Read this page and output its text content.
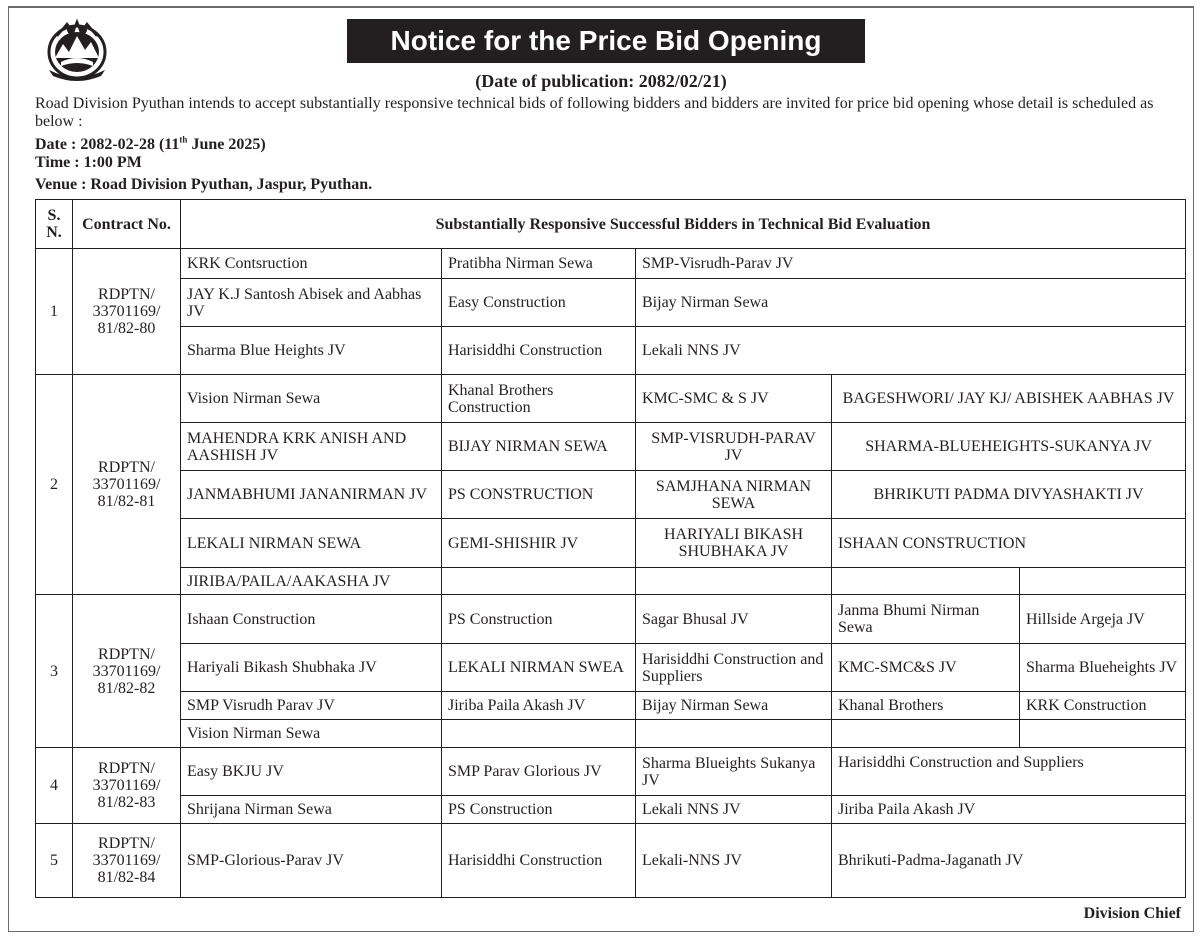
Notice for the Price Bid Opening
(Date of publication: 2082/02/21)
Road Division Pyuthan intends to accept substantially responsive technical bids of following bidders and bidders are invited for price bid opening whose detail is scheduled as below :
Date : 2082-02-28 (11th June 2025)
Time : 1:00 PM
Venue : Road Division Pyuthan, Jaspur, Pyuthan.
S. N.	Contract No.	Substantially Responsive Successful Bidders in Technical Bid Evaluation				
1	RDPTN/ 33701169/ 81/82-80	KRK Contsruction	Pratibha Nirman Sewa	SMP-Visrudh-Parav JV		
		JAY K.J Santosh Abisek and Aabhas JV	Easy Construction	Bijay Nirman Sewa		
		Sharma Blue Heights JV	Harisiddhi Construction	Lekali NNS JV		
2	RDPTN/ 33701169/ 81/82-81	Vision Nirman Sewa	Khanal Brothers Construction	KMC-SMC & S JV	BAGESHWORI/ JAY KJ/ ABISHEK AABHAS JV	
		MAHENDRA KRK ANISH AND AASHISH JV	BIJAY NIRMAN SEWA	SMP-VISRUDH-PARAV JV	SHARMA-BLUEHEIGHTS-SUKANYA JV	
		JANMABHUMI JANANIRMAN JV	PS CONSTRUCTION	SAMJHANA NIRMAN SEWA	BHRIKUTI PADMA DIVYASHAKTI JV	
		LEKALI NIRMAN SEWA	GEMI-SHISHIR JV	HARIYALI BIKASH SHUBHAKA JV	ISHAAN CONSTRUCTION	
		JIRIBA/PAILA/AAKASHA JV				
3	RDPTN/ 33701169/ 81/82-82	Ishaan Construction	PS Construction	Sagar Bhusal JV	Janma Bhumi Nirman Sewa	Hillside Argeja JV
		Hariyali Bikash Shubhaka JV	LEKALI NIRMAN SWEA	Harisiddhi Construction and Suppliers	KMC-SMC&S JV	Sharma Blueheights JV
		SMP Visrudh Parav JV	Jiriba Paila Akash JV	Bijay Nirman Sewa	Khanal Brothers	KRK Construction
		Vision Nirman Sewa				
4	RDPTN/ 33701169/ 81/82-83	Easy BKJU JV	SMP Parav Glorious JV	Sharma Blueights Sukanya JV	Harisiddhi Construction and Suppliers	
		Shrijana Nirman Sewa	PS Construction	Lekali NNS JV	Jiriba Paila Akash JV	
5	RDPTN/ 33701169/ 81/82-84	SMP-Glorious-Parav JV	Harisiddhi Construction	Lekali-NNS JV	Bhrikuti-Padma-Jaganath JV	
Division Chief
